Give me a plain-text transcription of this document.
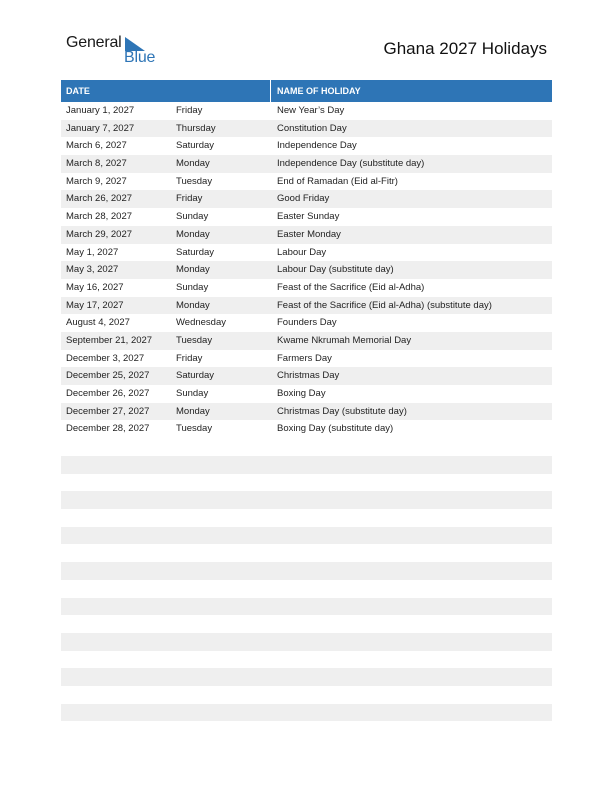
General
Blue	Ghana 2027 Holidays
DATE	NAME OF HOLIDAY
January 1, 2027	Friday	New Year’s Day
January 7, 2027	Thursday	Constitution Day
March 6, 2027	Saturday	Independence Day
March 8, 2027	Monday	Independence Day (substitute day)
March 9, 2027	Tuesday	End of Ramadan (Eid al-Fitr)
March 26, 2027	Friday	Good Friday
March 28, 2027	Sunday	Easter Sunday
March 29, 2027	Monday	Easter Monday
May 1, 2027	Saturday	Labour Day
May 3, 2027	Monday	Labour Day (substitute day)
May 16, 2027	Sunday	Feast of the Sacrifice (Eid al-Adha)
May 17, 2027	Monday	Feast of the Sacrifice (Eid al-Adha) (substitute day)
August 4, 2027	Wednesday	Founders Day
September 21, 2027	Tuesday	Kwame Nkrumah Memorial Day
December 3, 2027	Friday	Farmers Day
December 25, 2027	Saturday	Christmas Day
December 26, 2027	Sunday	Boxing Day
December 27, 2027	Monday	Christmas Day (substitute day)
December 28, 2027	Tuesday	Boxing Day (substitute day)
